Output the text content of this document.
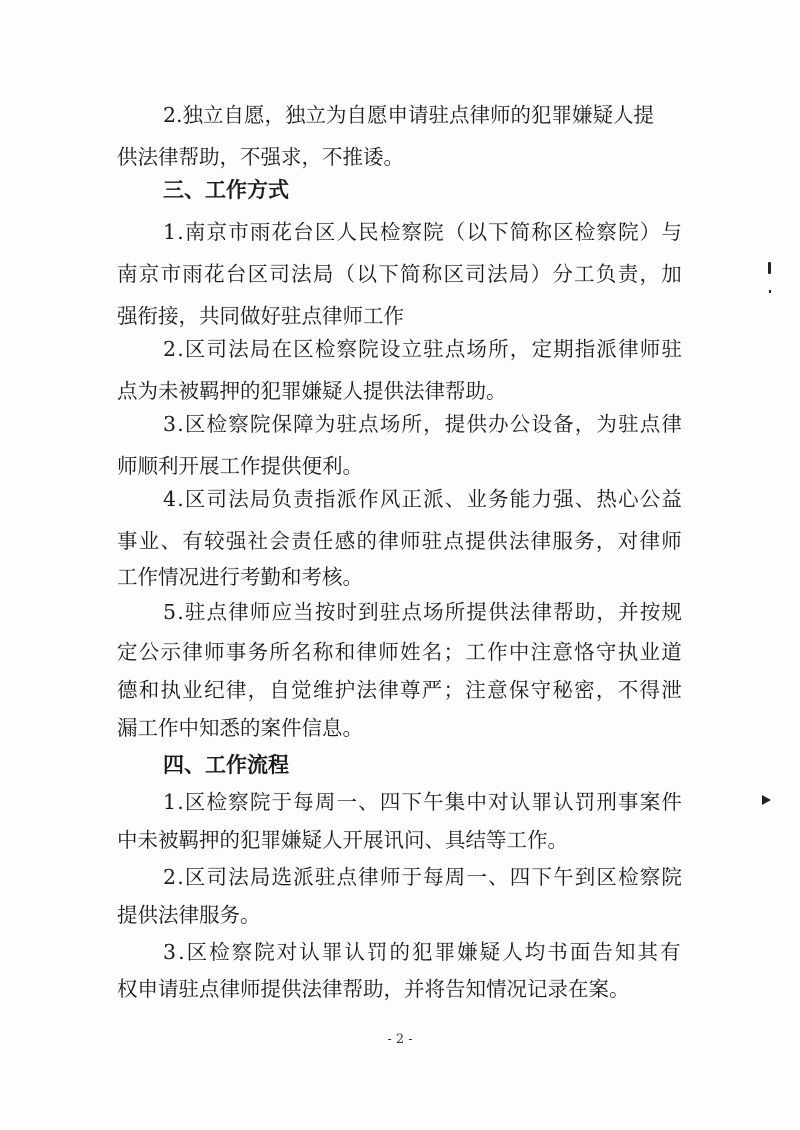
2.独立自愿，独立为自愿申请驻点律师的犯罪嫌疑人提
供法律帮助，不强求，不推诿。
三、工作方式
1.南京市雨花台区人民检察院（以下简称区检察院）与
南京市雨花台区司法局（以下简称区司法局）分工负责，加
强衔接，共同做好驻点律师工作
2.区司法局在区检察院设立驻点场所，定期指派律师驻
点为未被羁押的犯罪嫌疑人提供法律帮助。
3.区检察院保障为驻点场所，提供办公设备，为驻点律
师顺利开展工作提供便利。
4.区司法局负责指派作风正派、业务能力强、热心公益
事业、有较强社会责任感的律师驻点提供法律服务，对律师
工作情况进行考勤和考核。
5.驻点律师应当按时到驻点场所提供法律帮助，并按规
定公示律师事务所名称和律师姓名；工作中注意恪守执业道
德和执业纪律，自觉维护法律尊严；注意保守秘密，不得泄
漏工作中知悉的案件信息。
四、工作流程
1.区检察院于每周一、四下午集中对认罪认罚刑事案件
中未被羁押的犯罪嫌疑人开展讯问、具结等工作。
2.区司法局选派驻点律师于每周一、四下午到区检察院
提供法律服务。
3.区检察院对认罪认罚的犯罪嫌疑人均书面告知其有
权申请驻点律师提供法律帮助，并将告知情况记录在案。
- 2 -
